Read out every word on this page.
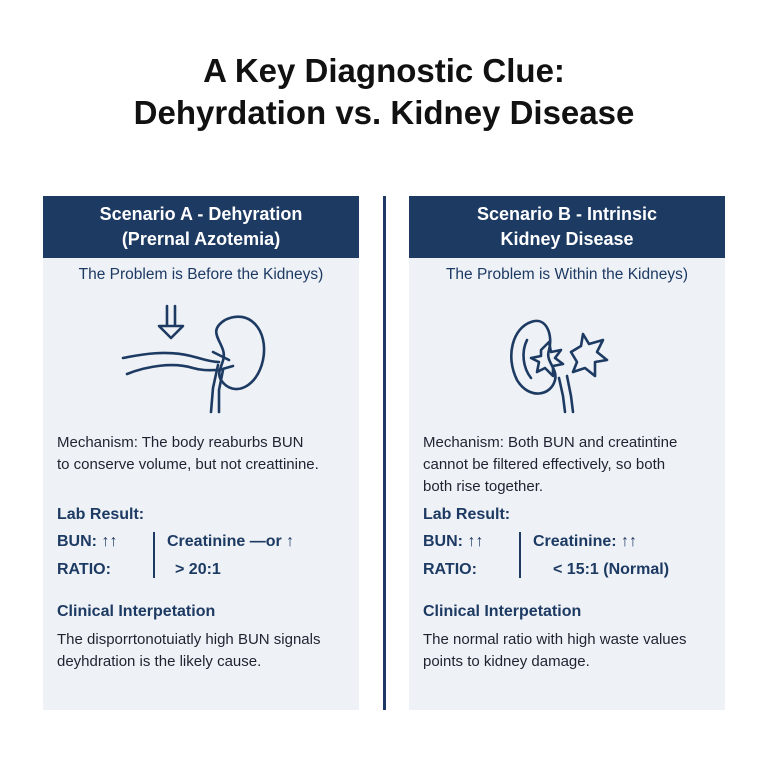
A Key Diagnostic Clue:
Dehyrdation vs. Kidney Disease
Scenario A - Dehyration
(Prernal Azotemia)
The Problem is Before the Kidneys)
Mechanism: The body reaburbs BUN
to conserve volume, but not creattinine.
Lab Result:
BUN: ↑↑
RATIO:
Creatinine —or ↑
> 20:1
Clinical Interpetation
The disporrtonotuiatly high BUN signals
deyhdration is the likely cause.
Scenario B - Intrinsic
Kidney Disease
The Problem is Within the Kidneys)
Mechanism: Both BUN and creatintine
cannot be filtered effectively, so both
both rise together.
Lab Result:
BUN: ↑↑
RATIO:
Creatinine: ↑↑
< 15:1 (Normal)
Clinical Interpetation
The normal ratio with high waste values
points to kidney damage.
